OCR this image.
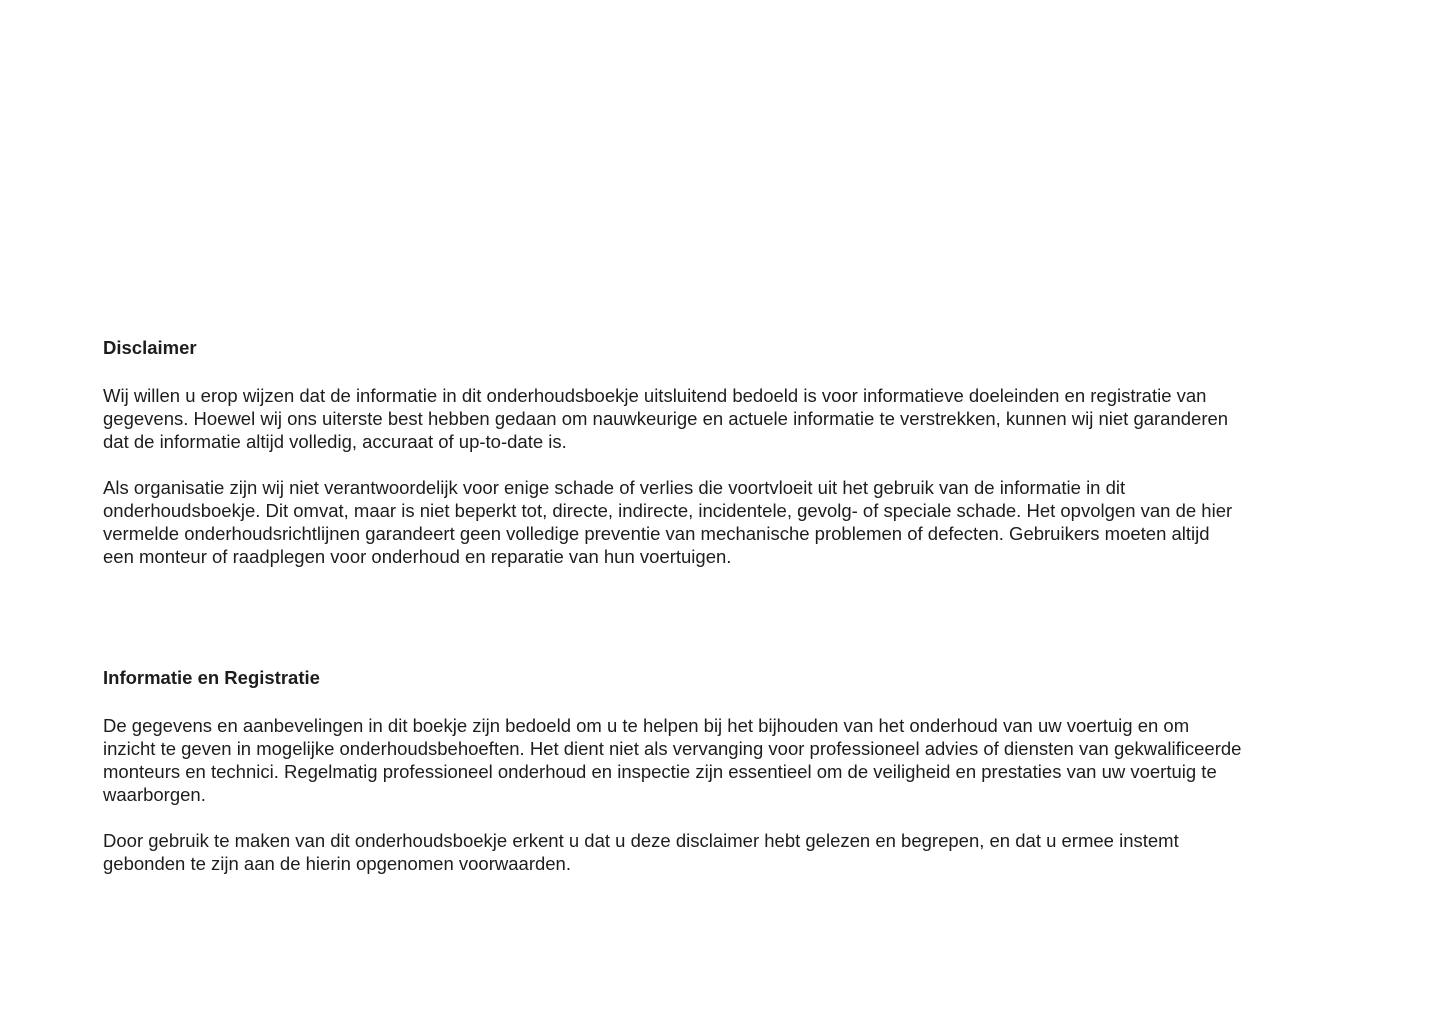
Disclaimer

Wij willen u erop wijzen dat de informatie in dit onderhoudsboekje uitsluitend bedoeld is voor informatieve doeleinden en registratie van gegevens. Hoewel wij ons uiterste best hebben gedaan om nauwkeurige en actuele informatie te verstrekken, kunnen wij niet garanderen dat de informatie altijd volledig, accuraat of up-to-date is.

Als organisatie zijn wij niet verantwoordelijk voor enige schade of verlies die voortvloeit uit het gebruik van de informatie in dit onderhoudsboekje. Dit omvat, maar is niet beperkt tot, directe, indirecte, incidentele, gevolg- of speciale schade. Het opvolgen van de hier vermelde onderhoudsrichtlijnen garandeert geen volledige preventie van mechanische problemen of defecten. Gebruikers moeten altijd een monteur of raadplegen voor onderhoud en reparatie van hun voertuigen.

Informatie en Registratie

De gegevens en aanbevelingen in dit boekje zijn bedoeld om u te helpen bij het bijhouden van het onderhoud van uw voertuig en om inzicht te geven in mogelijke onderhoudsbehoeften. Het dient niet als vervanging voor professioneel advies of diensten van gekwalificeerde monteurs en technici. Regelmatig professioneel onderhoud en inspectie zijn essentieel om de veiligheid en prestaties van uw voertuig te waarborgen.

Door gebruik te maken van dit onderhoudsboekje erkent u dat u deze disclaimer hebt gelezen en begrepen, en dat u ermee instemt gebonden te zijn aan de hierin opgenomen voorwaarden.
